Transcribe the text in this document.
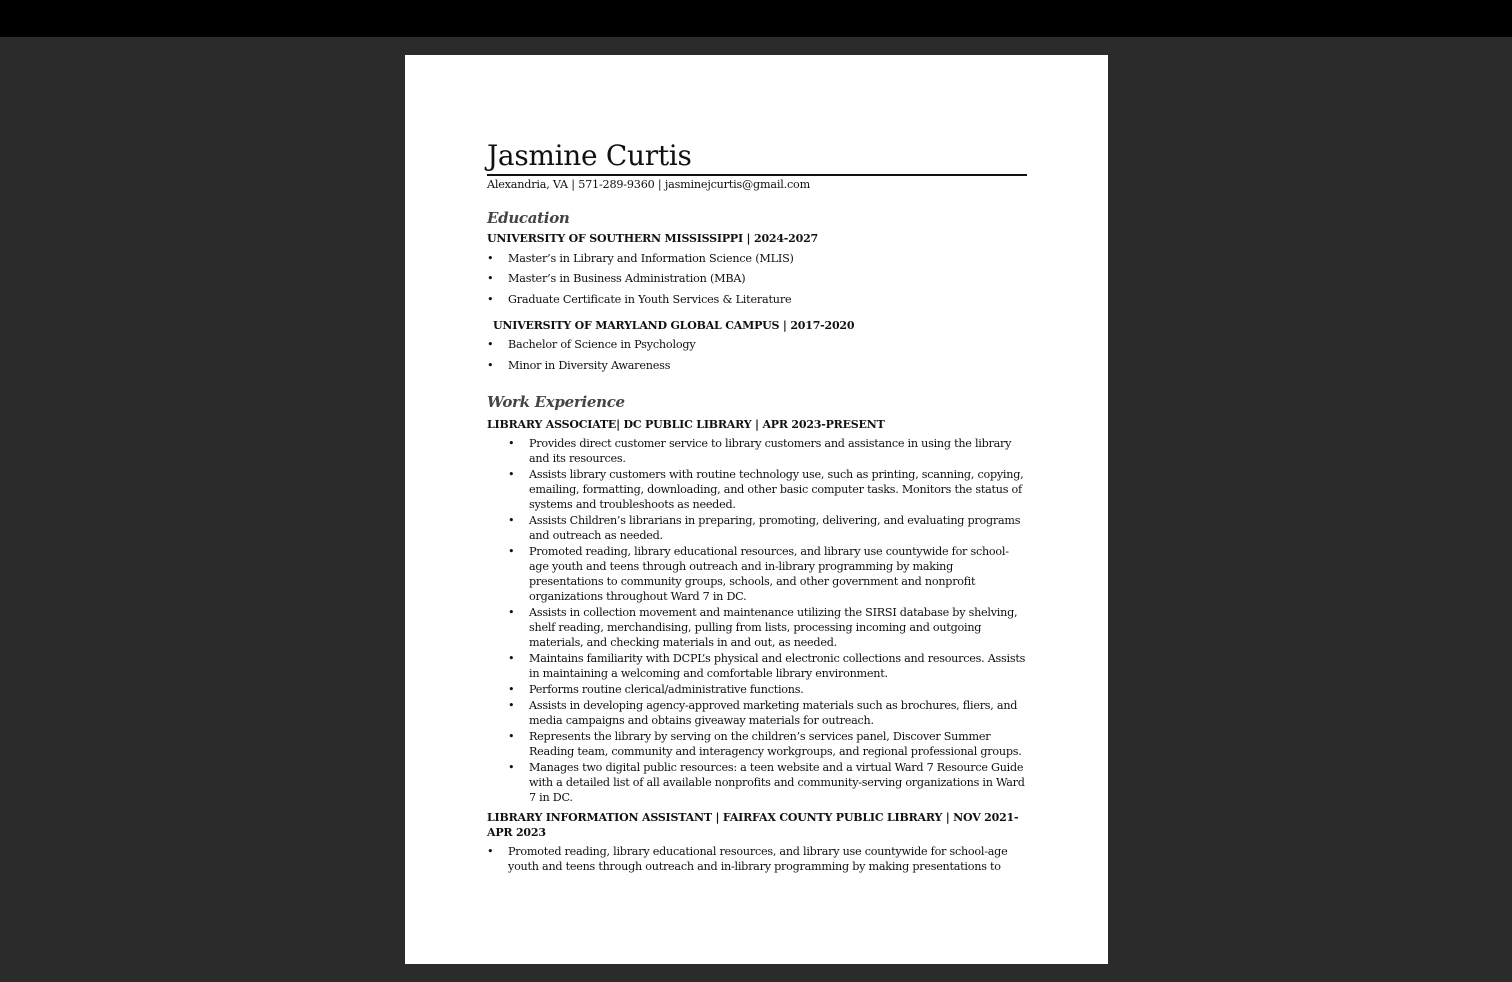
Jasmine Curtis
Alexandria, VA | 571-289-9360 | jasminejcurtis@gmail.com
Education
UNIVERSITY OF SOUTHERN MISSISSIPPI | 2024-2027
• Master’s in Library and Information Science (MLIS)
• Master’s in Business Administration (MBA)
• Graduate Certificate in Youth Services & Literature
UNIVERSITY OF MARYLAND GLOBAL CAMPUS | 2017-2020
• Bachelor of Science in Psychology
• Minor in Diversity Awareness
Work Experience
LIBRARY ASSOCIATE| DC PUBLIC LIBRARY | APR 2023-PRESENT
• Provides direct customer service to library customers and assistance in using the library and its resources.
• Assists library customers with routine technology use, such as printing, scanning, copying, emailing, formatting, downloading, and other basic computer tasks. Monitors the status of systems and troubleshoots as needed.
• Assists Children’s librarians in preparing, promoting, delivering, and evaluating programs and outreach as needed.
• Promoted reading, library educational resources, and library use countywide for school-age youth and teens through outreach and in-library programming by making presentations to community groups, schools, and other government and nonprofit organizations throughout Ward 7 in DC.
• Assists in collection movement and maintenance utilizing the SIRSI database by shelving, shelf reading, merchandising, pulling from lists, processing incoming and outgoing materials, and checking materials in and out, as needed.
• Maintains familiarity with DCPL’s physical and electronic collections and resources. Assists in maintaining a welcoming and comfortable library environment.
• Performs routine clerical/administrative functions.
• Assists in developing agency-approved marketing materials such as brochures, fliers, and media campaigns and obtains giveaway materials for outreach.
• Represents the library by serving on the children’s services panel, Discover Summer Reading team, community and interagency workgroups, and regional professional groups.
• Manages two digital public resources: a teen website and a virtual Ward 7 Resource Guide with a detailed list of all available nonprofits and community-serving organizations in Ward 7 in DC.
LIBRARY INFORMATION ASSISTANT | FAIRFAX COUNTY PUBLIC LIBRARY | NOV 2021-APR 2023
• Promoted reading, library educational resources, and library use countywide for school-age youth and teens through outreach and in-library programming by making presentations to
